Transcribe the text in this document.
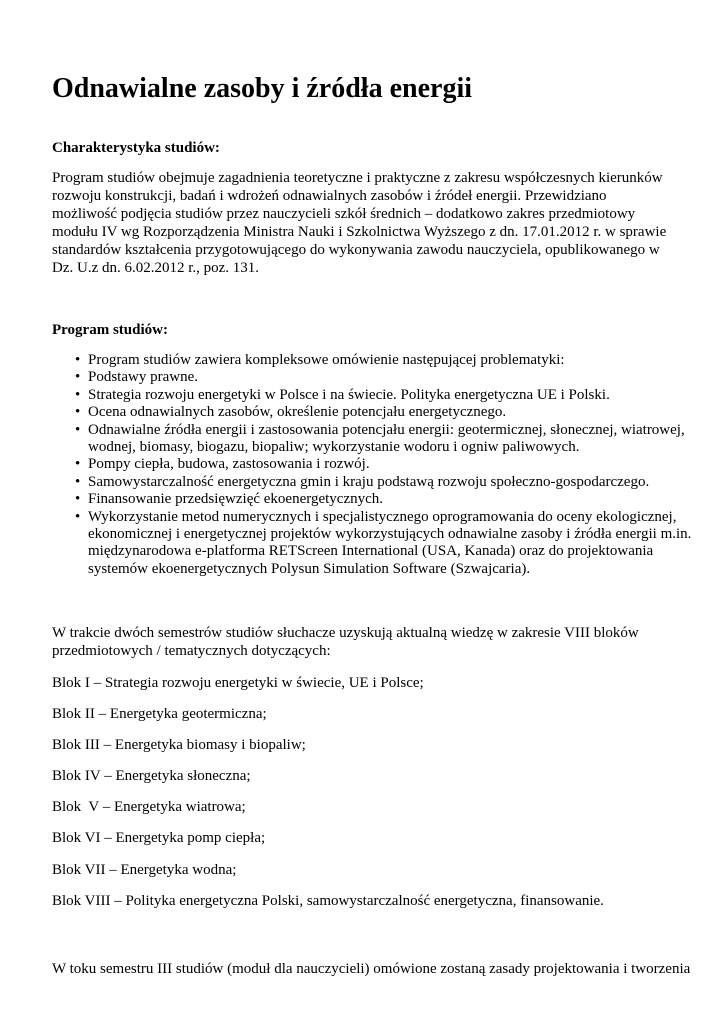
Odnawialne zasoby i źródła energii

Charakterystyka studiów:

Program studiów obejmuje zagadnienia teoretyczne i praktyczne z zakresu współczesnych kierunków rozwoju konstrukcji, badań i wdrożeń odnawialnych zasobów i źródeł energii. Przewidziano możliwość podjęcia studiów przez nauczycieli szkół średnich – dodatkowo zakres przedmiotowy modułu IV wg Rozporządzenia Ministra Nauki i Szkolnictwa Wyższego z dn. 17.01.2012 r. w sprawie standardów kształcenia przygotowującego do wykonywania zawodu nauczyciela, opublikowanego w Dz. U.z dn. 6.02.2012 r., poz. 131.

Program studiów:

• Program studiów zawiera kompleksowe omówienie następującej problematyki:
• Podstawy prawne.
• Strategia rozwoju energetyki w Polsce i na świecie. Polityka energetyczna UE i Polski.
• Ocena odnawialnych zasobów, określenie potencjału energetycznego.
• Odnawialne źródła energii i zastosowania potencjału energii: geotermicznej, słonecznej, wiatrowej, wodnej, biomasy, biogazu, biopaliw; wykorzystanie wodoru i ogniw paliwowych.
• Pompy ciepła, budowa, zastosowania i rozwój.
• Samowystarczalność energetyczna gmin i kraju podstawą rozwoju społeczno-gospodarczego.
• Finansowanie przedsięwzięć ekoenergetycznych.
• Wykorzystanie metod numerycznych i specjalistycznego oprogramowania do oceny ekologicznej, ekonomicznej i energetycznej projektów wykorzystujących odnawialne zasoby i źródła energii m.in. międzynarodowa e-platforma RETScreen International (USA, Kanada) oraz do projektowania systemów ekoenergetycznych Polysun Simulation Software (Szwajcaria).

W trakcie dwóch semestrów studiów słuchacze uzyskują aktualną wiedzę w zakresie VIII bloków przedmiotowych / tematycznych dotyczących:

Blok I – Strategia rozwoju energetyki w świecie, UE i Polsce;

Blok II – Energetyka geotermiczna;

Blok III – Energetyka biomasy i biopaliw;

Blok IV – Energetyka słoneczna;

Blok  V – Energetyka wiatrowa;

Blok VI – Energetyka pomp ciepła;

Blok VII – Energetyka wodna;

Blok VIII – Polityka energetyczna Polski, samowystarczalność energetyczna, finansowanie.

W toku semestru III studiów (moduł dla nauczycieli) omówione zostaną zasady projektowania i tworzenia
